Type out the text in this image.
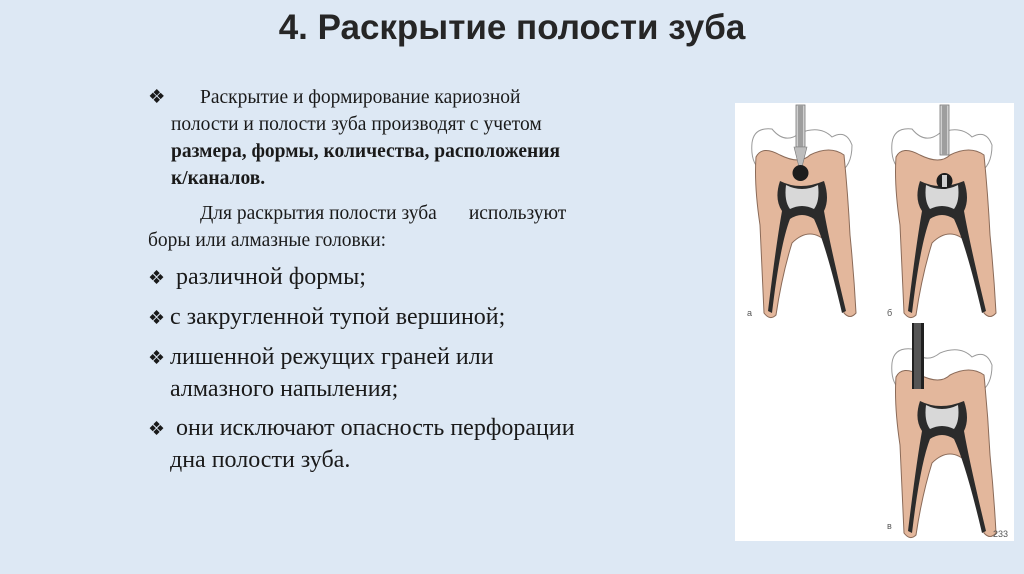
4. Раскрытие полости зуба
❖ Раскрытие и формирование кариозной
полости и полости зуба производят с учетом
размера, формы, количества, расположения
к/каналов.
Для раскрытия полости зуба используют
боры или алмазные головки:
❖ различной формы;
❖ с закругленной тупой вершиной;
❖ лишенной режущих граней или
алмазного напыления;
❖ они исключают опасность перфорации
дна полости зуба.
а	б
в
233
